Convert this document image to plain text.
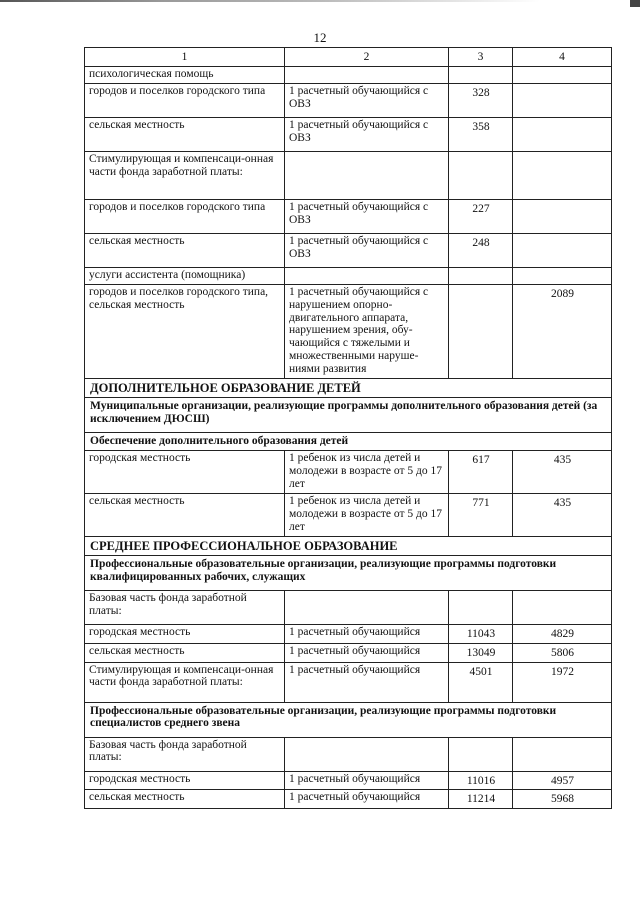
12
1	2	3	4
психологическая помощь			
городов и поселков городского типа	1 расчетный обучающийся с ОВЗ	328	
сельская местность	1 расчетный обучающийся с ОВЗ	358	
Стимулирующая и компенсаци-онная части фонда заработной платы:			
городов и поселков городского типа	1 расчетный обучающийся с ОВЗ	227	
сельская местность	1 расчетный обучающийся с ОВЗ	248	
услуги ассистента (помощника)			
городов и поселков городского типа, сельская местность	1 расчетный обучающийся с нарушением опорно-двигательного аппарата, нарушением зрения, обу-чающийся с тяжелыми и множественными наруше-ниями развития		2089
ДОПОЛНИТЕЛЬНОЕ ОБРАЗОВАНИЕ ДЕТЕЙ			
Муниципальные организации, реализующие программы дополнительного образования детей (за исключением ДЮСШ)			
Обеспечение дополнительного образования детей			
городская местность	1 ребенок из числа детей и молодежи в возрасте от 5 до 17 лет	617	435
сельская местность	1 ребенок из числа детей и молодежи в возрасте от 5 до 17 лет	771	435
СРЕДНЕЕ ПРОФЕССИОНАЛЬНОЕ ОБРАЗОВАНИЕ			
Профессиональные образовательные организации, реализующие программы подготовки квалифицированных рабочих, служащих			
Базовая часть фонда заработной платы:			
городская местность	1 расчетный обучающийся	11043	4829
сельская местность	1 расчетный обучающийся	13049	5806
Стимулирующая и компенсаци-онная части фонда заработной платы:	1 расчетный обучающийся	4501	1972
Профессиональные образовательные организации, реализующие программы подготовки специалистов среднего звена			
Базовая часть фонда заработной платы:			
городская местность	1 расчетный обучающийся	11016	4957
сельская местность	1 расчетный обучающийся	11214	5968
